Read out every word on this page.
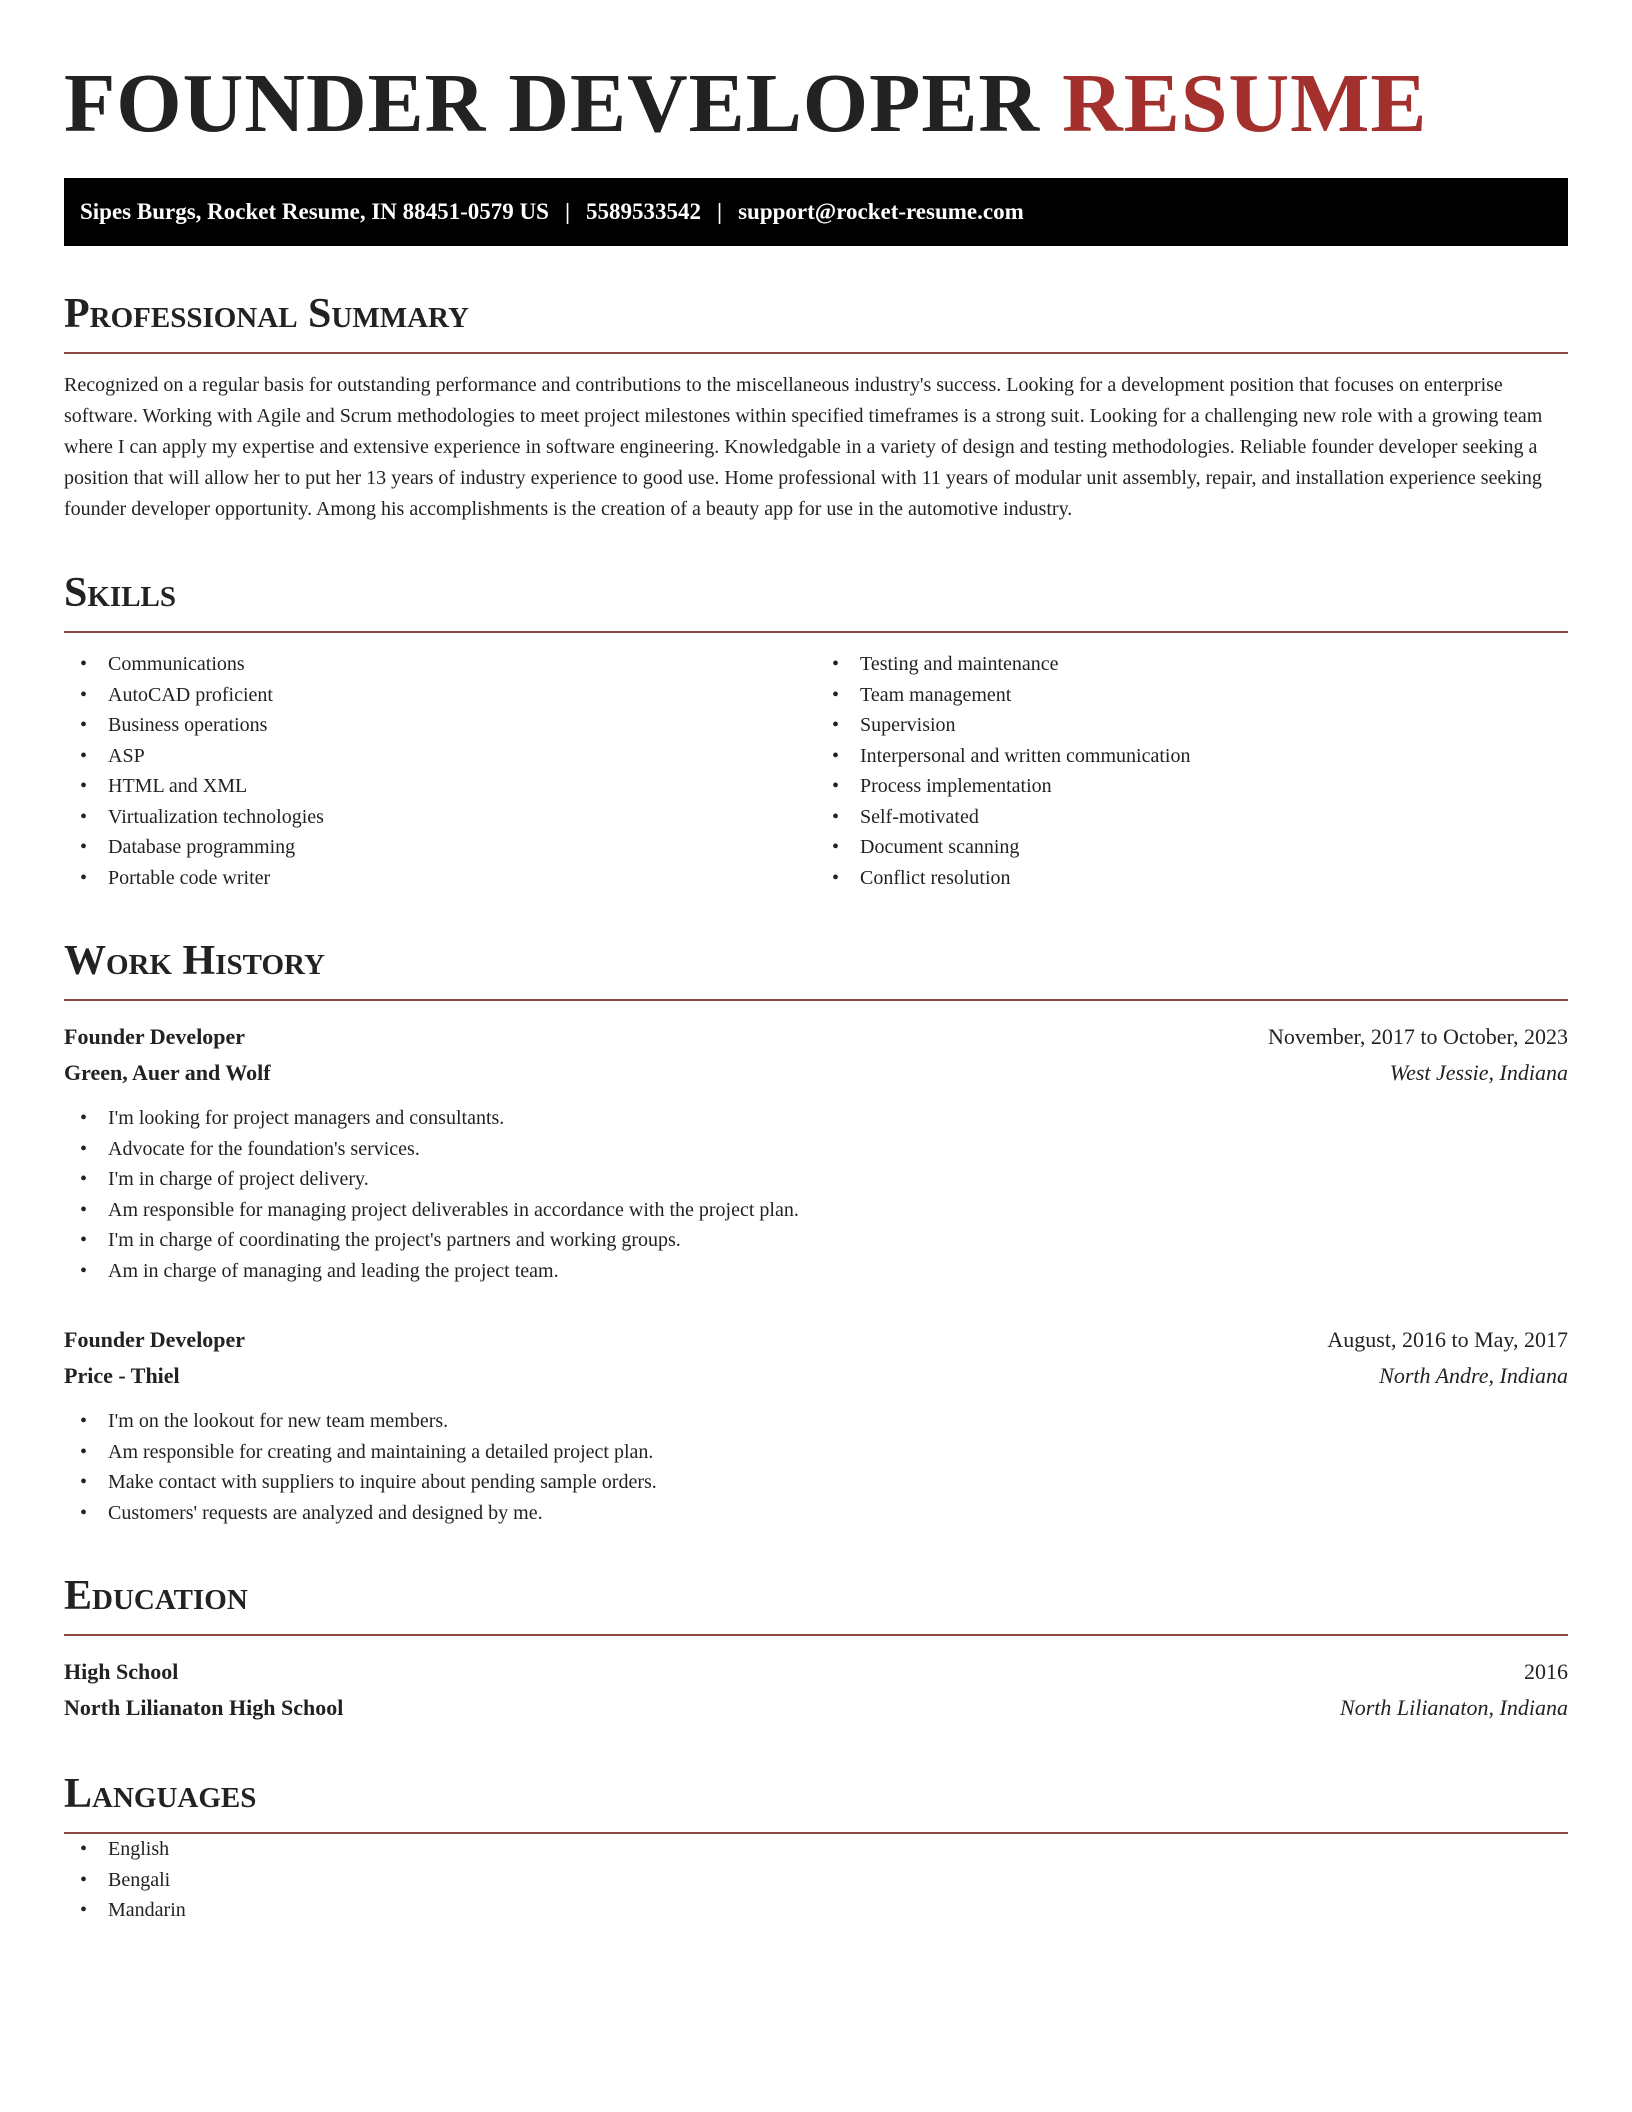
FOUNDER DEVELOPER RESUME
Sipes Burgs, Rocket Resume, IN 88451-0579 US | 5589533542 | support@rocket-resume.com
Professional Summary

Recognized on a regular basis for outstanding performance and contributions to the miscellaneous industry's success. Looking for a development position that focuses on enterprise software. Working with Agile and Scrum methodologies to meet project milestones within specified timeframes is a strong suit. Looking for a challenging new role with a growing team where I can apply my expertise and extensive experience in software engineering. Knowledgable in a variety of design and testing methodologies. Reliable founder developer seeking a position that will allow her to put her 13 years of industry experience to good use. Home professional with 11 years of modular unit assembly, repair, and installation experience seeking founder developer opportunity. Among his accomplishments is the creation of a beauty app for use in the automotive industry.

Skills
• Communications
• AutoCAD proficient
• Business operations
• ASP
• HTML and XML
• Virtualization technologies
• Database programming
• Portable code writer
• Testing and maintenance
• Team management
• Supervision
• Interpersonal and written communication
• Process implementation
• Self-motivated
• Document scanning
• Conflict resolution
Work History
Founder Developer	November, 2017 to October, 2023
Green, Auer and Wolf	West Jessie, Indiana
• I'm looking for project managers and consultants.
• Advocate for the foundation's services.
• I'm in charge of project delivery.
• Am responsible for managing project deliverables in accordance with the project plan.
• I'm in charge of coordinating the project's partners and working groups.
• Am in charge of managing and leading the project team.
Founder Developer	August, 2016 to May, 2017
Price - Thiel	North Andre, Indiana
• I'm on the lookout for new team members.
• Am responsible for creating and maintaining a detailed project plan.
• Make contact with suppliers to inquire about pending sample orders.
• Customers' requests are analyzed and designed by me.
Education
High School	2016
North Lilianaton High School	North Lilianaton, Indiana
Languages
• English
• Bengali
• Mandarin
